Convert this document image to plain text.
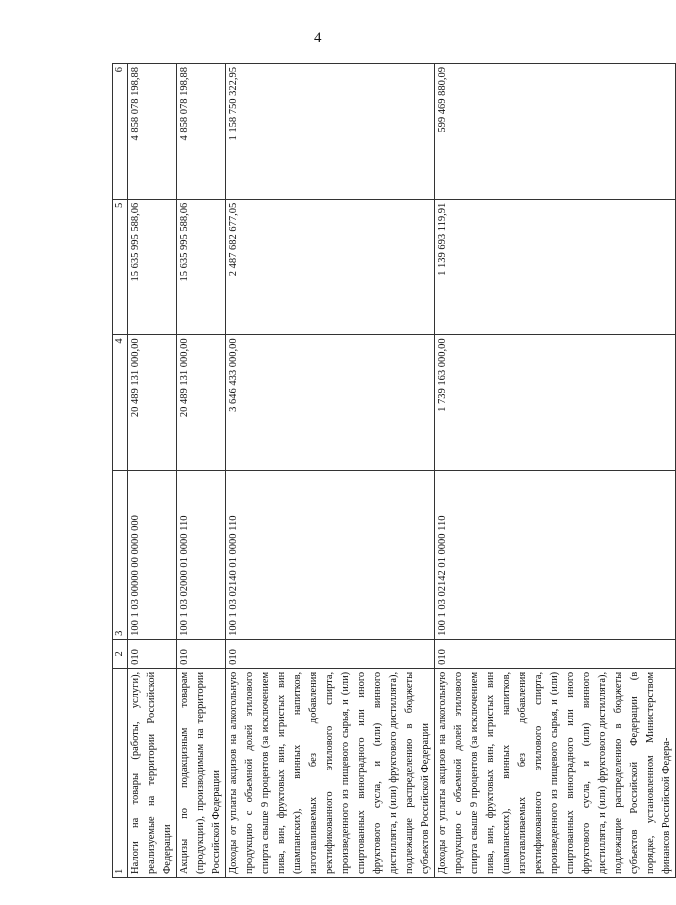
4
1	2	3	4	5	6
Налоги на товары (работы, услуги), реализуемые на территории Российской Федерации	010	100 1 03 00000 00 0000 000	20 489 131 000,00	15 635 995 588,06	4 858 078 198,88
Акцизы по подакцизным товарам (продукции), производимым на территории Российской Федерации	010	100 1 03 02000 01 0000 110	20 489 131 000,00	15 635 995 588,06	4 858 078 198,88
Доходы от уплаты акцизов на алкогольную продукцию с объемной долей этилового спирта свыше 9 процентов (за исключением пива, вин, фруктовых вин, игристых вин (шампанских), винных напитков, изготавливаемых без добавления ректификованного этилового спирта, произведенного из пищевого сырья, и (или) спиртованных виноградного или иного фруктового сусла, и (или) винного дистиллята, и (или) фруктового дистиллята), подлежащие распределению в бюджеты субъектов Российской Федерации	010	100 1 03 02140 01 0000 110	3 646 433 000,00	2 487 682 677,05	1 158 750 322,95
Доходы от уплаты акцизов на алкогольную продукцию с объемной долей этилового спирта свыше 9 процентов (за исключением пива, вин, фруктовых вин, игристых вин (шампанских), винных напитков, изготавливаемых без добавления ректификованного этилового спирта, произведенного из пищевого сырья, и (или) спиртованных виноградного или иного фруктового сусла, и (или) винного дистиллята, и (или) фруктового дистиллята), подлежащие распределению в бюджеты субъектов Российской Федерации (в порядке, установленном Министерством финансов Российской Федера-	010	100 1 03 02142 01 0000 110	1 739 163 000,00	1 139 693 119,91	599 469 880,09
